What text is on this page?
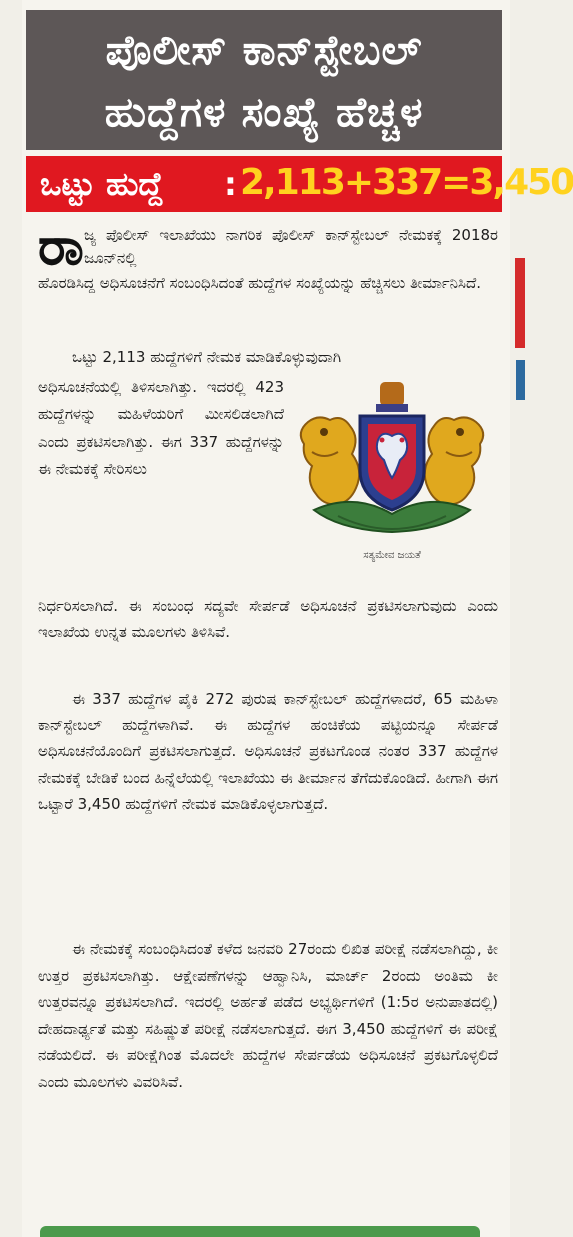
ಪೊಲೀಸ್ ಕಾನ್‌ಸ್ಟೇಬಲ್
ಹುದ್ದೆಗಳ ಸಂಖ್ಯೆ ಹೆಚ್ಚಳ
ಒಟ್ಟು ಹುದ್ದೆ : 2,113+337=3,450
ರಾ ಜ್ಯ ಪೊಲೀಸ್ ಇಲಾಖೆಯು ನಾಗರಿಕ ಪೊಲೀಸ್ ಕಾನ್‌ಸ್ಟೇಬಲ್ ನೇಮಕಕ್ಕೆ 2018ರ ಜೂನ್‌ನಲ್ಲಿ
ಹೊರಡಿಸಿದ್ದ ಅಧಿಸೂಚನೆಗೆ ಸಂಬಂಧಿಸಿದಂತೆ ಹುದ್ದೆಗಳ ಸಂಖ್ಯೆಯನ್ನು ಹೆಚ್ಚಿಸಲು ತೀರ್ಮಾನಿಸಿದೆ.
ಒಟ್ಟು 2,113 ಹುದ್ದೆಗಳಿಗೆ ನೇಮಕ ಮಾಡಿಕೊಳ್ಳುವುದಾಗಿ
ಅಧಿಸೂಚನೆಯಲ್ಲಿ ತಿಳಿಸಲಾಗಿತ್ತು. ಇದರಲ್ಲಿ 423 ಹುದ್ದೆಗಳನ್ನು ಮಹಿಳೆಯರಿಗೆ ಮೀಸಲಿಡಲಾಗಿದೆ ಎಂದು ಪ್ರಕಟಿಸಲಾಗಿತ್ತು. ಈಗ 337 ಹುದ್ದೆಗಳನ್ನು ಈ ನೇಮಕಕ್ಕೆ ಸೇರಿಸಲು
ನಿರ್ಧರಿಸಲಾಗಿದೆ. ಈ ಸಂಬಂಧ ಸದ್ಯವೇ ಸೇರ್ಪಡೆ ಅಧಿಸೂಚನೆ ಪ್ರಕಟಿಸಲಾಗುವುದು ಎಂದು ಇಲಾಖೆಯ ಉನ್ನತ ಮೂಲಗಳು ತಿಳಿಸಿವೆ.
ಸತ್ಯಮೇವ ಜಯತೆ
ಈ 337 ಹುದ್ದೆಗಳ ಪೈಕಿ 272 ಪುರುಷ ಕಾನ್‌ಸ್ಟೇಬಲ್ ಹುದ್ದೆಗಳಾದರೆ, 65 ಮಹಿಳಾ ಕಾನ್‌ಸ್ಟೇಬಲ್ ಹುದ್ದೆಗಳಾಗಿವೆ. ಈ ಹುದ್ದೆಗಳ ಹಂಚಿಕೆಯ ಪಟ್ಟಿಯನ್ನೂ ಸೇರ್ಪಡೆ ಅಧಿಸೂಚನೆಯೊಂದಿಗೆ ಪ್ರಕಟಿಸಲಾಗುತ್ತದೆ. ಅಧಿಸೂಚನೆ ಪ್ರಕಟಗೊಂಡ ನಂತರ 337 ಹುದ್ದೆಗಳ ನೇಮಕಕ್ಕೆ ಬೇಡಿಕೆ ಬಂದ ಹಿನ್ನೆಲೆಯಲ್ಲಿ ಇಲಾಖೆಯು ಈ ತೀರ್ಮಾನ ತೆಗೆದುಕೊಂಡಿದೆ. ಹೀಗಾಗಿ ಈಗ ಒಟ್ಟಾರೆ 3,450 ಹುದ್ದೆಗಳಿಗೆ ನೇಮಕ ಮಾಡಿಕೊಳ್ಳಲಾಗುತ್ತದೆ.
ಈ ನೇಮಕಕ್ಕೆ ಸಂಬಂಧಿಸಿದಂತೆ ಕಳೆದ ಜನವರಿ 27ರಂದು ಲಿಖಿತ ಪರೀಕ್ಷೆ ನಡೆಸಲಾಗಿದ್ದು, ಕೀ ಉತ್ತರ ಪ್ರಕಟಿಸಲಾಗಿತ್ತು. ಆಕ್ಷೇಪಣೆಗಳನ್ನು ಆಹ್ವಾನಿಸಿ, ಮಾರ್ಚ್ 2ರಂದು ಅಂತಿಮ ಕೀ ಉತ್ತರವನ್ನೂ ಪ್ರಕಟಿಸಲಾಗಿದೆ. ಇದರಲ್ಲಿ ಅರ್ಹತೆ ಪಡೆದ ಅಭ್ಯರ್ಥಿಗಳಿಗೆ (1:5ರ ಅನುಪಾತದಲ್ಲಿ) ದೇಹದಾರ್ಢ್ಯತೆ ಮತ್ತು ಸಹಿಷ್ಣುತೆ ಪರೀಕ್ಷೆ ನಡೆಸಲಾಗುತ್ತದೆ. ಈಗ 3,450 ಹುದ್ದೆಗಳಿಗೆ ಈ ಪರೀಕ್ಷೆ ನಡೆಯಲಿದೆ. ಈ ಪರೀಕ್ಷೆಗಿಂತ ಮೊದಲೇ ಹುದ್ದೆಗಳ ಸೇರ್ಪಡೆಯ ಅಧಿಸೂಚನೆ ಪ್ರಕಟಗೊಳ್ಳಲಿದೆ ಎಂದು ಮೂಲಗಳು ವಿವರಿಸಿವೆ.
